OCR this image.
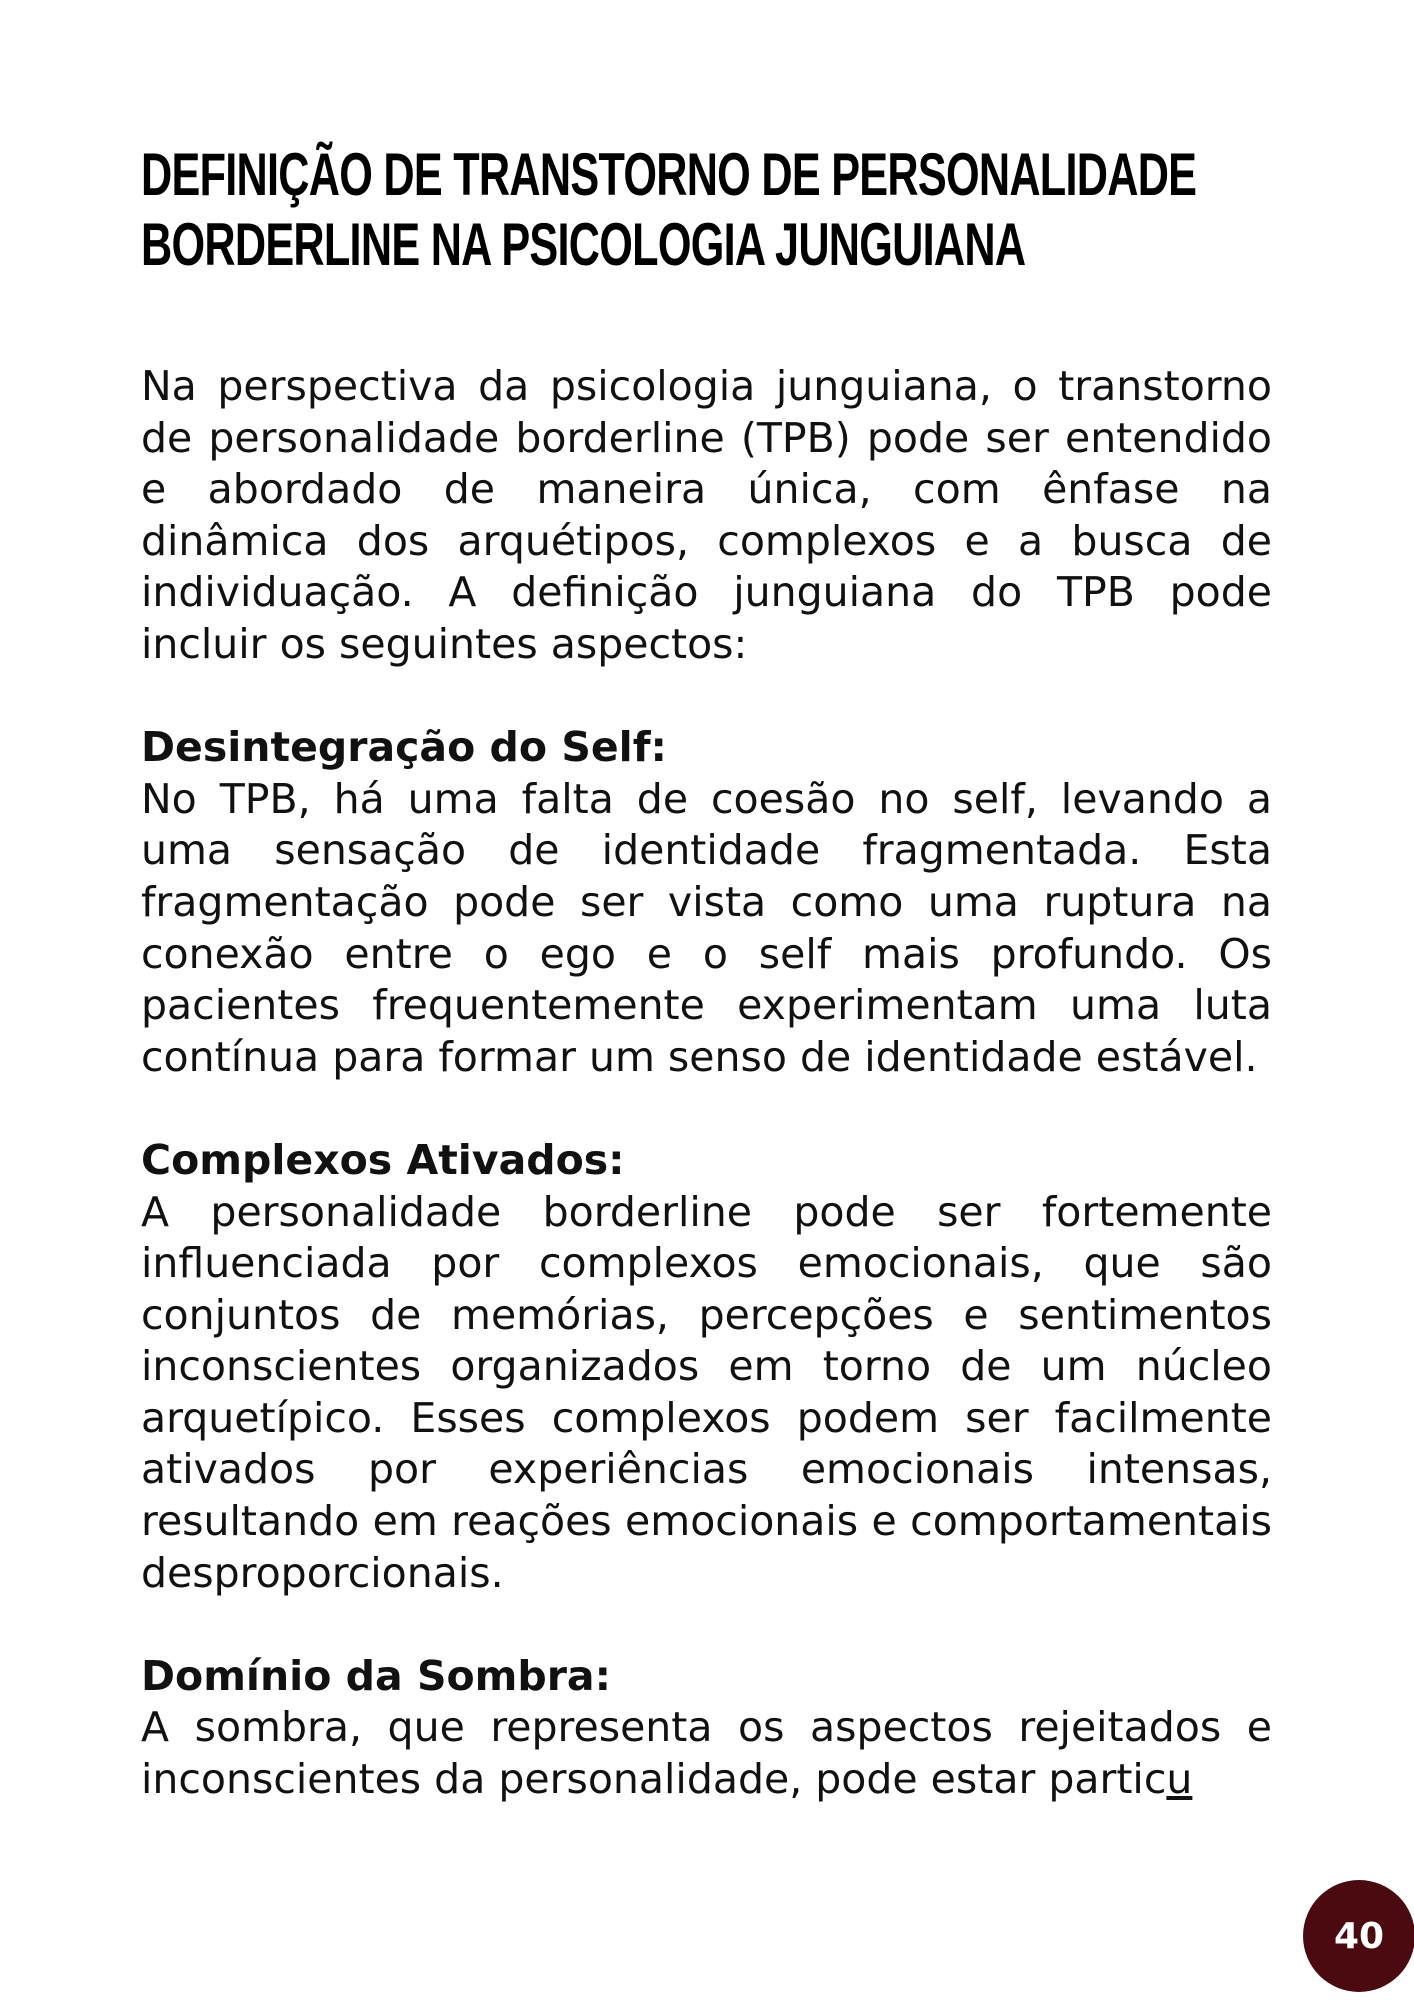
DEFINIÇÃO DE TRANSTORNO DE PERSONALIDADE
BORDERLINE NA PSICOLOGIA JUNGUIANA

Na perspectiva da psicologia junguiana, o transtorno de personalidade borderline (TPB) pode ser entendido e abordado de maneira única, com ênfase na dinâmica dos arquétipos, complexos e a busca de individuação. A definição junguiana do TPB pode incluir os seguintes aspectos:

Desintegração do Self:

No TPB, há uma falta de coesão no self, levando a uma sensação de identidade fragmentada. Esta fragmentação pode ser vista como uma ruptura na conexão entre o ego e o self mais profundo. Os pacientes frequentemente experimentam uma luta contínua para formar um senso de identidade estável.

Complexos Ativados:

A personalidade borderline pode ser fortemente influenciada por complexos emocionais, que são conjuntos de memórias, percepções e sentimentos inconscientes organizados em torno de um núcleo arquetípico. Esses complexos podem ser facilmente ativados por experiências emocionais intensas, resultando em reações emocionais e comportamentais desproporcionais.

Domínio da Sombra:

A sombra, que representa os aspectos rejeitados e inconscientes da personalidade, pode estar particu

40
